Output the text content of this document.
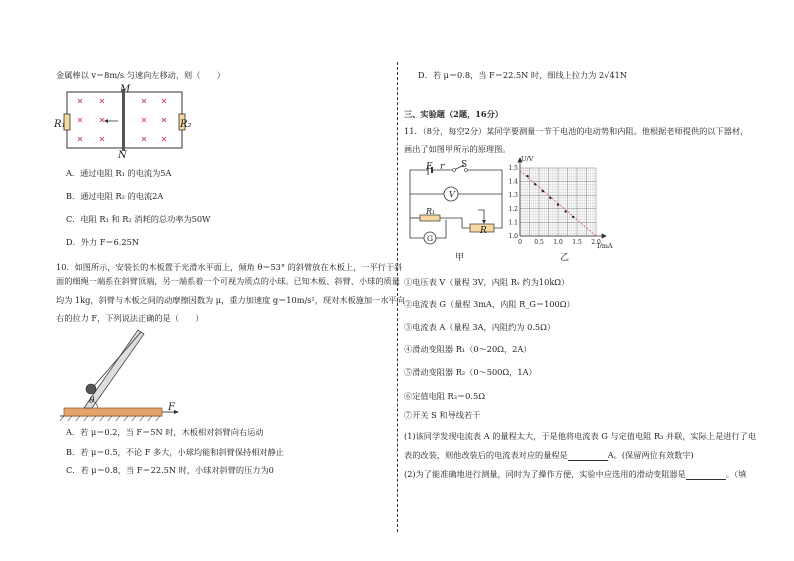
金属棒以 v＝8m/s 匀速向左移动，则（　　）
M
N
R₁	R₂
A．通过电阻 R₁ 的电流为5A
B．通过电阻 R₂ 的电流2A
C．电阻 R₁ 和 R₂ 消耗的总功率为50W
D．外力 F＝6.25N
10．如图所示，安装长的木板置于光滑水平面上，倾角 θ＝53° 的斜臂放在木板上，一平行于斜
面的细绳一端系在斜臂顶端，另一端系着一个可视为质点的小球。已知木板、斜臂、小球的质量
均为 1kg，斜臂与木板之间的动摩擦因数为 μ，重力加速度 g＝10m/s²，现对木板施加一水平向
右的拉力 F，下列说法正确的是（　　）
θ
F
A．若 μ＝0.2，当 F＝5N 时，木板相对斜臂向右运动
B．若 μ＝0.5，不论 F 多大，小球均能和斜臂保持相对静止
C．若 μ＝0.8，当 F＝22.5N 时，小球对斜臂的压力为0
D．若 μ＝0.8，当 F＝22.5N 时，细线上拉力为 2√41N
三、实验题（2题，16分）
11．（8分，每空2分）某同学要测量一节干电池的电动势和内阻。他根据老师提供的以下器材，
画出了如图甲所示的原理图。
E r S
V
R₁
G
R
甲
0 0.5 1.0 1.5 2.0
1.0
1.1
1.2
1.3
1.4
1.5
U/V
I/mA
乙
①电压表 V（量程 3V，内阻 Rᵥ 约为10kΩ）
②电流表 G（量程 3mA，内阻 R_G＝100Ω）
③电流表 A（量程 3A，内阻约为 0.5Ω）
④滑动变阻器 R₁（0～20Ω，2A）
⑤滑动变阻器 R₂（0～500Ω，1A）
⑥定值电阻 R₃＝0.5Ω
⑦开关 S 和导线若干
(1)该同学发现电流表 A 的量程太大，于是他将电流表 G 与定值电阻 R₃ 并联，实际上是进行了电
表的改装，则他改装后的电流表对应的量程是	A。(保留两位有效数字)
(2)为了能准确地进行测量，同时为了操作方便，实验中应选用的滑动变阻器是	。（填
